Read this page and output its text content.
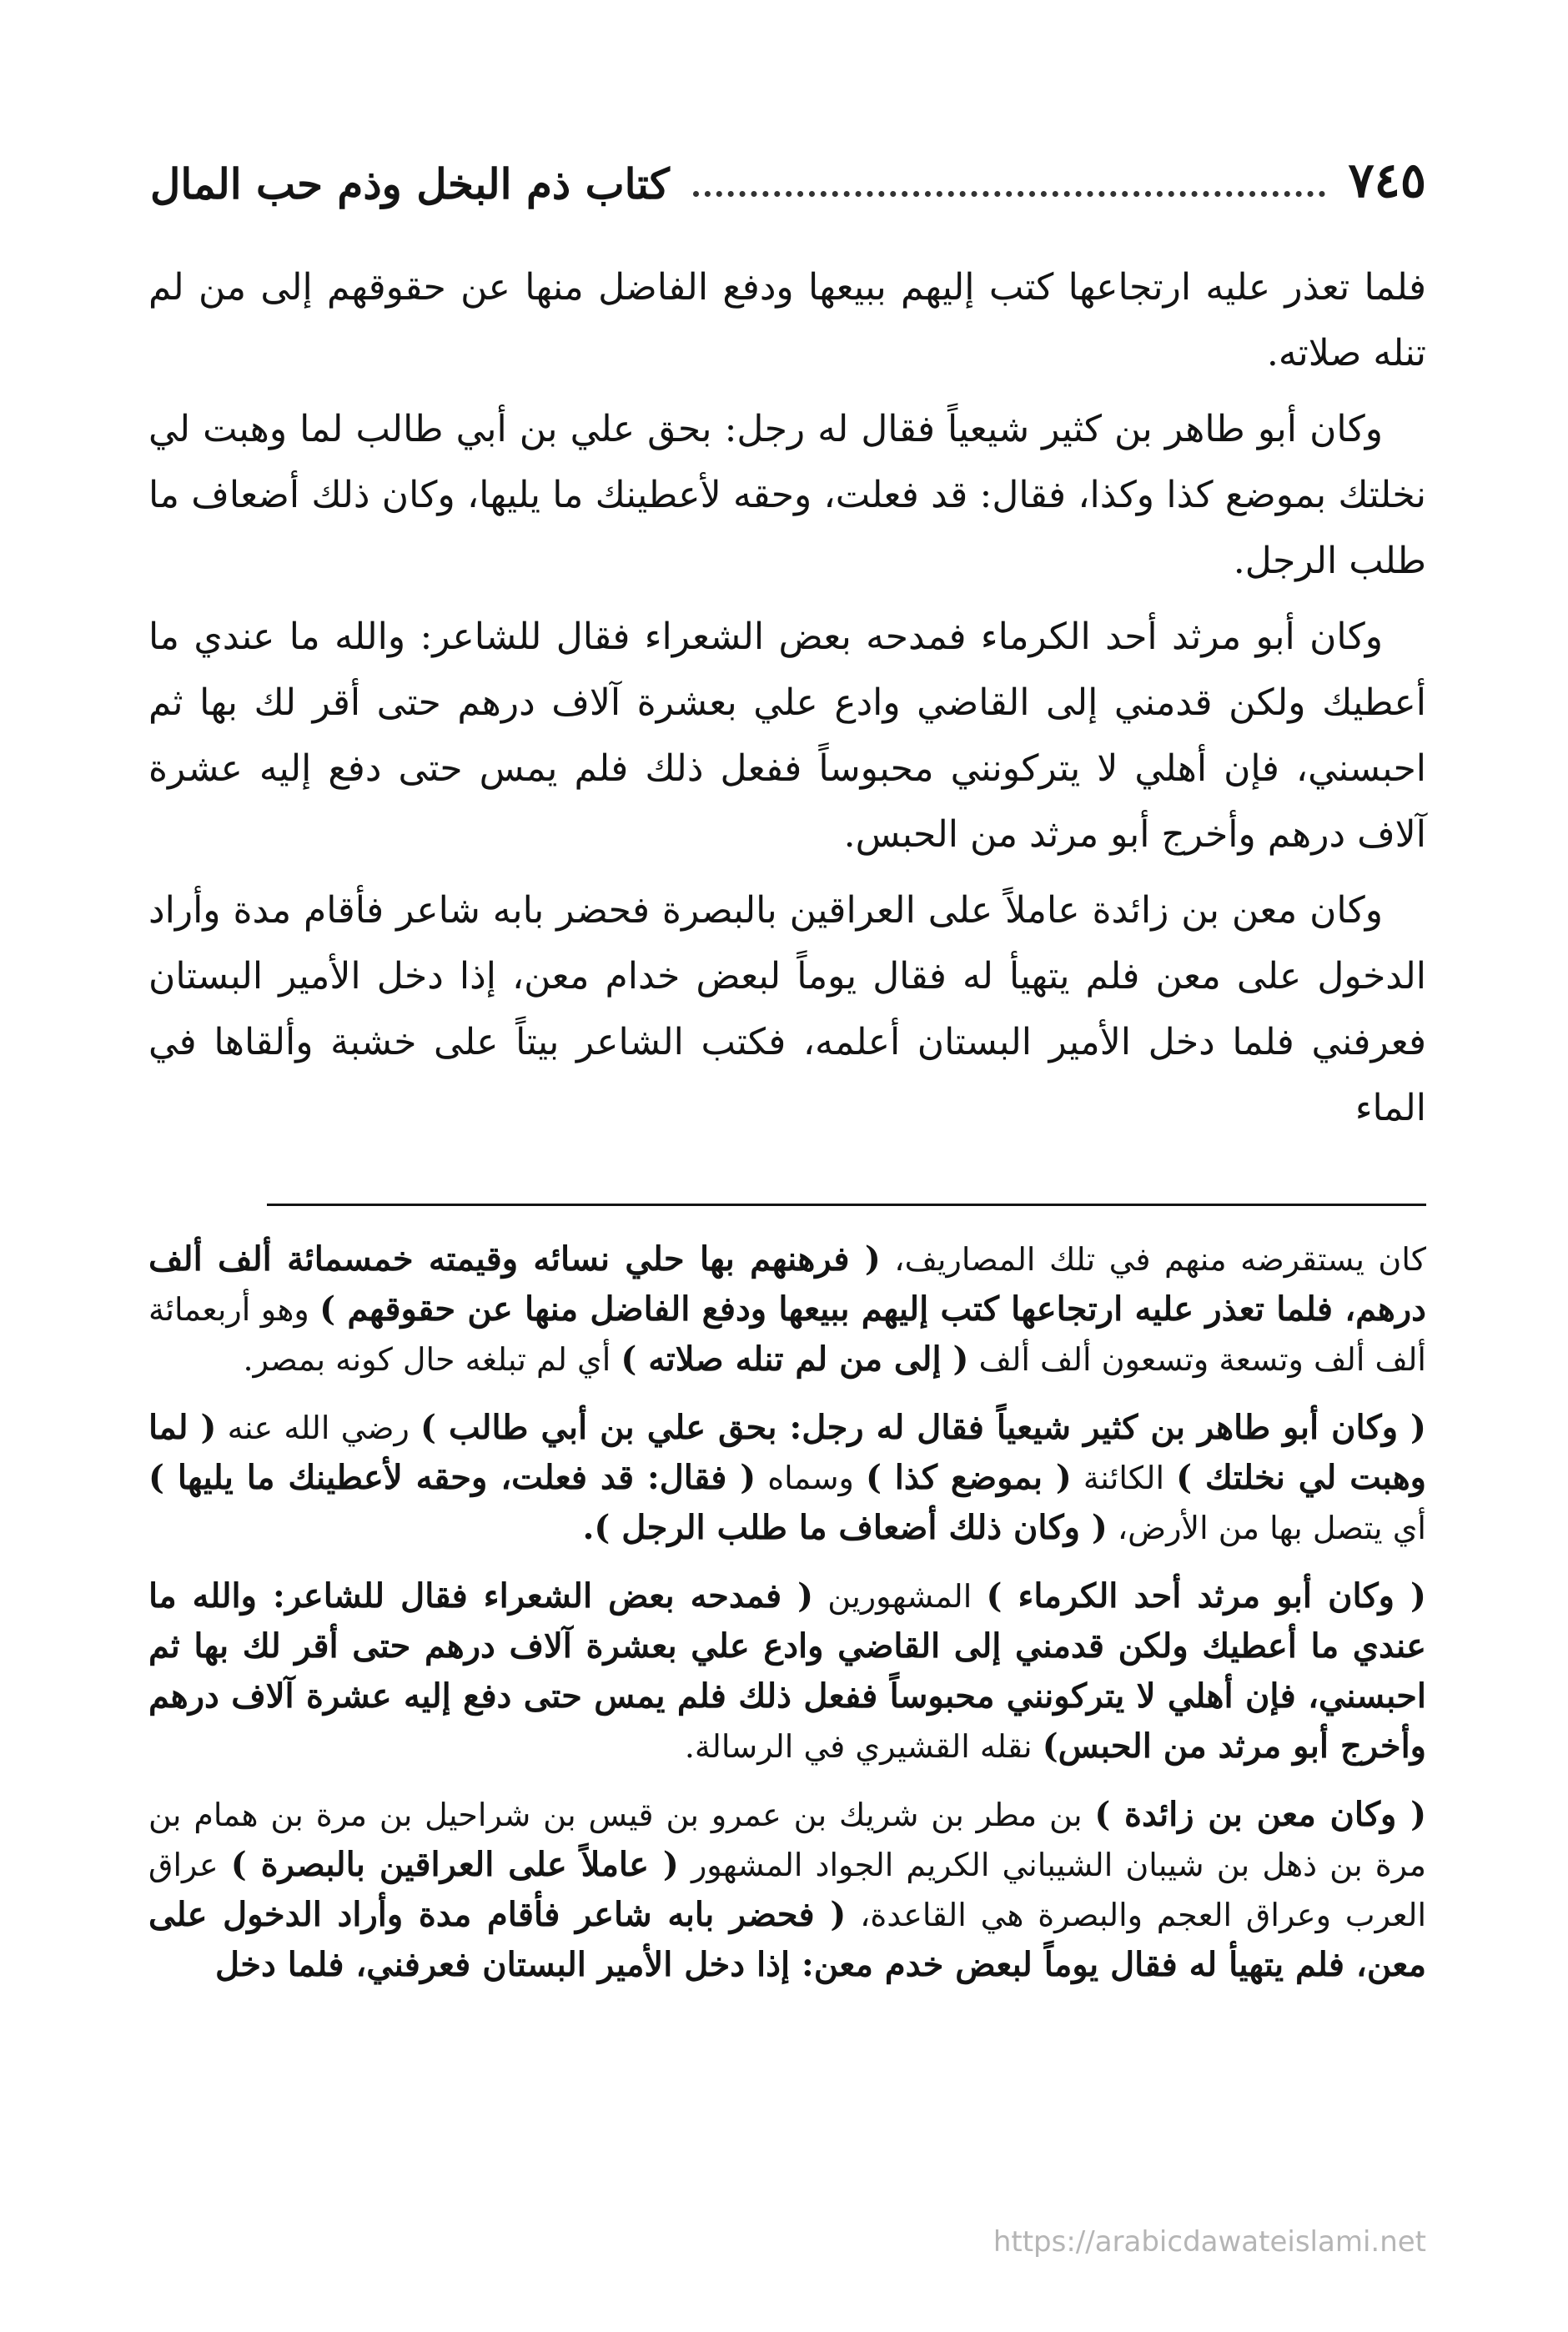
٧٤٥
كتاب ذم البخل وذم حب المال

فلما تعذر عليه ارتجاعها كتب إليهم ببيعها ودفع الفاضل منها عن حقوقهم إلى من لم تنله صلاته.

وكان أبو طاهر بن كثير شيعياً فقال له رجل: بحق علي بن أبي طالب لما وهبت لي نخلتك بموضع كذا وكذا، فقال: قد فعلت، وحقه لأعطينك ما يليها، وكان ذلك أضعاف ما طلب الرجل.

وكان أبو مرثد أحد الكرماء فمدحه بعض الشعراء فقال للشاعر: والله ما عندي ما أعطيك ولكن قدمني إلى القاضي وادع علي بعشرة آلاف درهم حتى أقر لك بها ثم احبسني، فإن أهلي لا يتركونني محبوساً ففعل ذلك فلم يمس حتى دفع إليه عشرة آلاف درهم وأخرج أبو مرثد من الحبس.

وكان معن بن زائدة عاملاً على العراقين بالبصرة فحضر بابه شاعر فأقام مدة وأراد الدخول على معن فلم يتهيأ له فقال يوماً لبعض خدام معن، إذا دخل الأمير البستان فعرفني فلما دخل الأمير البستان أعلمه، فكتب الشاعر بيتاً على خشبة وألقاها في الماء

كان يستقرضه منهم في تلك المصاريف، ( فرهنهم بها حلي نسائه وقيمته خمسمائة ألف ألف درهم، فلما تعذر عليه ارتجاعها كتب إليهم ببيعها ودفع الفاضل منها عن حقوقهم ) وهو أربعمائة ألف ألف وتسعة وتسعون ألف ألف ( إلى من لم تنله صلاته ) أي لم تبلغه حال كونه بمصر.

( وكان أبو طاهر بن كثير شيعياً فقال له رجل: بحق علي بن أبي طالب ) رضي الله عنه ( لما وهبت لي نخلتك ) الكائنة ( بموضع كذا ) وسماه ( فقال: قد فعلت، وحقه لأعطينك ما يليها ) أي يتصل بها من الأرض، ( وكان ذلك أضعاف ما طلب الرجل ).

( وكان أبو مرثد أحد الكرماء ) المشهورين ( فمدحه بعض الشعراء فقال للشاعر: والله ما عندي ما أعطيك ولكن قدمني إلى القاضي وادع علي بعشرة آلاف درهم حتى أقر لك بها ثم احبسني، فإن أهلي لا يتركونني محبوساً ففعل ذلك فلم يمس حتى دفع إليه عشرة آلاف درهم وأخرج أبو مرثد من الحبس) نقله القشيري في الرسالة.

( وكان معن بن زائدة ) بن مطر بن شريك بن عمرو بن قيس بن شراحيل بن مرة بن همام بن مرة بن ذهل بن شيبان الشيباني الكريم الجواد المشهور ( عاملاً على العراقين بالبصرة ) عراق العرب وعراق العجم والبصرة هي القاعدة، ( فحضر بابه شاعر فأقام مدة وأراد الدخول على معن، فلم يتهيأ له فقال يوماً لبعض خدم معن: إذا دخل الأمير البستان فعرفني، فلما دخل

https://arabicdawateislami.net
